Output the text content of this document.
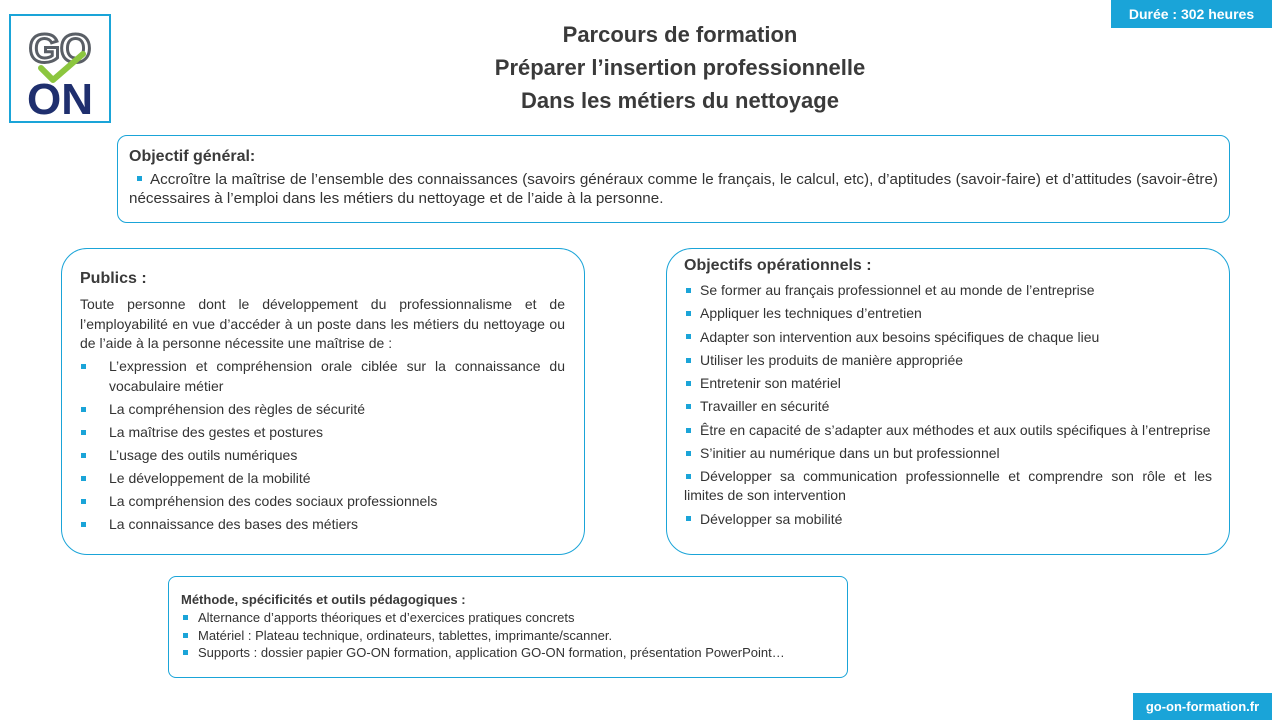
GO
ON
Durée : 302 heures
Parcours de formation
Préparer l’insertion professionnelle
Dans les métiers du nettoyage
Objectif général:

Accroître la maîtrise de l’ensemble des connaissances (savoirs généraux comme le français, le calcul, etc), d’aptitudes (savoir-faire) et d’attitudes (savoir-être) nécessaires à l’emploi dans les métiers du nettoyage et de l’aide à la personne.

Publics :

Toute personne dont le développement du professionnalisme et de l’employabilité en vue d’accéder à un poste dans les métiers du nettoyage ou de l’aide à la personne nécessite une maîtrise de :

L’expression et compréhension orale ciblée sur la connaissance du vocabulaire métier
La compréhension des règles de sécurité
La maîtrise des gestes et postures
L’usage des outils numériques
Le développement de la mobilité
La compréhension des codes sociaux professionnels
La connaissance des bases des métiers
Objectifs opérationnels :
Se former au français professionnel et au monde de l’entreprise
Appliquer les techniques d’entretien
Adapter son intervention aux besoins spécifiques de chaque lieu
Utiliser les produits de manière appropriée
Entretenir son matériel
Travailler en sécurité
Être en capacité de s’adapter aux méthodes et aux outils spécifiques à l’entreprise
S’initier au numérique dans un but professionnel
Développer sa communication professionnelle et comprendre son rôle et les limites de son intervention
Développer sa mobilité
Méthode, spécificités et outils pédagogiques :
Alternance d’apports théoriques et d’exercices pratiques concrets
Matériel : Plateau technique, ordinateurs, tablettes, imprimante/scanner.
Supports : dossier papier GO-ON formation, application GO-ON formation, présentation PowerPoint…
go-on-formation.fr
